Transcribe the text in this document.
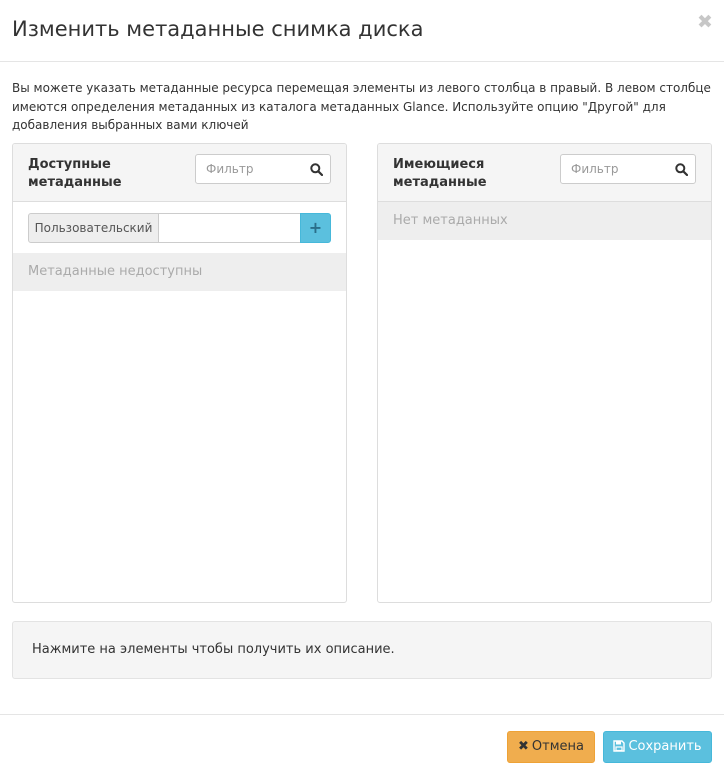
Изменить метаданные снимка диска	✖

Вы можете указать метаданные ресурса перемещая элементы из левого столбца в правый. В левом столбце имеются определения метаданных из каталога метаданных Glance. Используйте опцию "Другой" для добавления выбранных вами ключей

Доступные метаданные
Фильтр
Пользовательский	+
Метаданные недоступны
Имеющиеся метаданные
Фильтр
Нет метаданных
Нажмите на элементы чтобы получить их описание.
✖ Отмена	Сохранить
